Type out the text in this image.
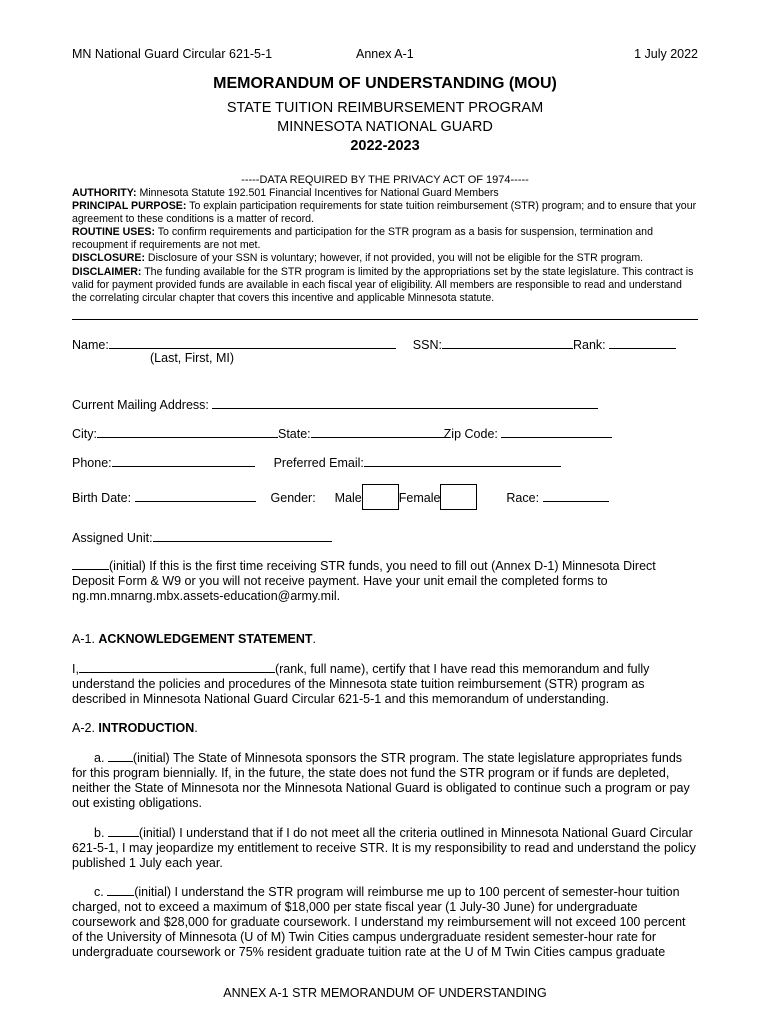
MN National Guard Circular 621-5-1	Annex A-1	1 July 2022
MEMORANDUM OF UNDERSTANDING (MOU)
STATE TUITION REIMBURSEMENT PROGRAM
MINNESOTA NATIONAL GUARD
2022-2023
-----DATA REQUIRED BY THE PRIVACY ACT OF 1974-----
AUTHORITY: Minnesota Statute 192.501 Financial Incentives for National Guard Members
PRINCIPAL PURPOSE: To explain participation requirements for state tuition reimbursement (STR) program; and to ensure that your agreement to these conditions is a matter of record.
ROUTINE USES: To confirm requirements and participation for the STR program as a basis for suspension, termination and recoupment if requirements are not met.
DISCLOSURE: Disclosure of your SSN is voluntary; however, if not provided, you will not be eligible for the STR program.
DISCLAIMER: The funding available for the STR program is limited by the appropriations set by the state legislature. This contract is valid for payment provided funds are available in each fiscal year of eligibility. All members are responsible to read and understand the correlating circular chapter that covers this incentive and applicable Minnesota statute.
Name:	SSN:	Rank:
(Last, First, MI)
Current Mailing Address:
City:	State:	Zip Code:
Phone:	Preferred Email:
Birth Date:	Gender: Male	Female	Race:
Assigned Unit:
(initial) If this is the first time receiving STR funds, you need to fill out (Annex D-1) Minnesota Direct Deposit Form & W9 or you will not receive payment. Have your unit email the completed forms to ng.mn.mnarng.mbx.assets-education@army.mil.
A-1. ACKNOWLEDGEMENT STATEMENT.
I,	(rank, full name), certify that I have read this memorandum and fully understand the policies and procedures of the Minnesota state tuition reimbursement (STR) program as described in Minnesota National Guard Circular 621-5-1 and this memorandum of understanding.
A-2. INTRODUCTION.
a. (initial) The State of Minnesota sponsors the STR program. The state legislature appropriates funds for this program biennially. If, in the future, the state does not fund the STR program or if funds are depleted, neither the State of Minnesota nor the Minnesota National Guard is obligated to continue such a program or pay out existing obligations.
b. (initial) I understand that if I do not meet all the criteria outlined in Minnesota National Guard Circular 621-5-1, I may jeopardize my entitlement to receive STR. It is my responsibility to read and understand the policy published 1 July each year.
c. (initial) I understand the STR program will reimburse me up to 100 percent of semester-hour tuition charged, not to exceed a maximum of $18,000 per state fiscal year (1 July-30 June) for undergraduate coursework and $28,000 for graduate coursework. I understand my reimbursement will not exceed 100 percent of the University of Minnesota (U of M) Twin Cities campus undergraduate resident semester-hour rate for undergraduate coursework or 75% resident graduate tuition rate at the U of M Twin Cities campus graduate
ANNEX A-1 STR MEMORANDUM OF UNDERSTANDING
